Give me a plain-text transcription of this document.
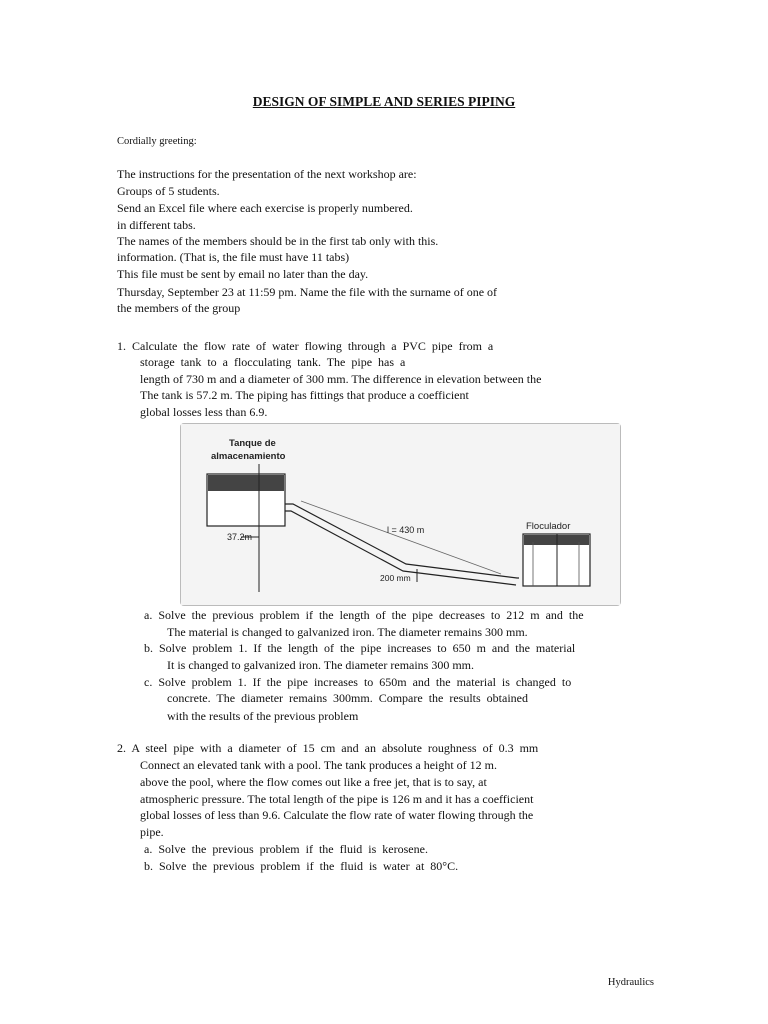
DESIGN OF SIMPLE AND SERIES PIPING
Cordially greeting:
The instructions for the presentation of the next workshop are:
Groups of 5 students.
Send an Excel file where each exercise is properly numbered.
in different tabs.
The names of the members should be in the first tab only with this.
information. (That is, the file must have 11 tabs)
This file must be sent by email no later than the day.
Thursday, September 23 at 11:59 pm. Name the file with the surname of one of
the members of the group
1.  Calculate  the  flow  rate  of  water  flowing  through  a  PVC  pipe  from  a
storage  tank  to  a  flocculating  tank.  The  pipe  has  a
length of 730 m and a diameter of 300 mm. The difference in elevation between the
The tank is 57.2 m. The piping has fittings that produce a coefficient
global losses less than 6.9.
Tanque de
almacenamiento
37.2m
l = 430 m
200 mm
Floculador
a.  Solve  the  previous  problem  if  the  length  of  the  pipe  decreases  to  212  m  and  the
The material is changed to galvanized iron. The diameter remains 300 mm.
b.  Solve  problem  1.  If  the  length  of  the  pipe  increases  to  650  m  and  the  material
It is changed to galvanized iron. The diameter remains 300 mm.
c.  Solve  problem  1.  If  the  pipe  increases  to  650m  and  the  material  is  changed  to
concrete.  The  diameter  remains  300mm.  Compare  the  results  obtained
with the results of the previous problem
2.  A  steel  pipe  with  a  diameter  of  15  cm  and  an  absolute  roughness  of  0.3  mm
Connect an elevated tank with a pool. The tank produces a height of 12 m.
above the pool, where the flow comes out like a free jet, that is to say, at
atmospheric pressure. The total length of the pipe is 126 m and it has a coefficient
global losses of less than 9.6. Calculate the flow rate of water flowing through the
pipe.
a.  Solve  the  previous  problem  if  the  fluid  is  kerosene.
b.  Solve  the  previous  problem  if  the  fluid  is  water  at  80°C.
Hydraulics
